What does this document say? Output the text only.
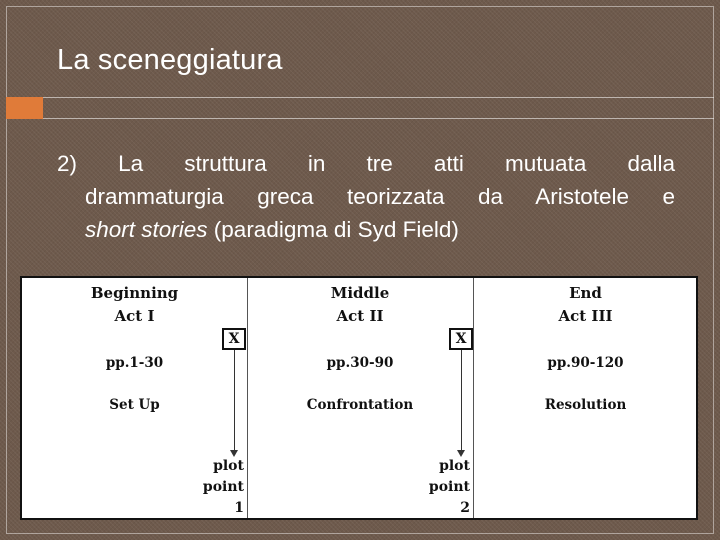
La sceneggiatura

2) La struttura in tre atti mutuata dalla

drammaturgia greca teorizzata da Aristotele e

short stories (paradigma di Syd Field)

Beginning
Act I
pp.1-30
Set Up
Middle
Act II
pp.30-90
Confrontation
End
Act III
pp.90-120
Resolution
X
plot
point
1
X
plot
point
2
